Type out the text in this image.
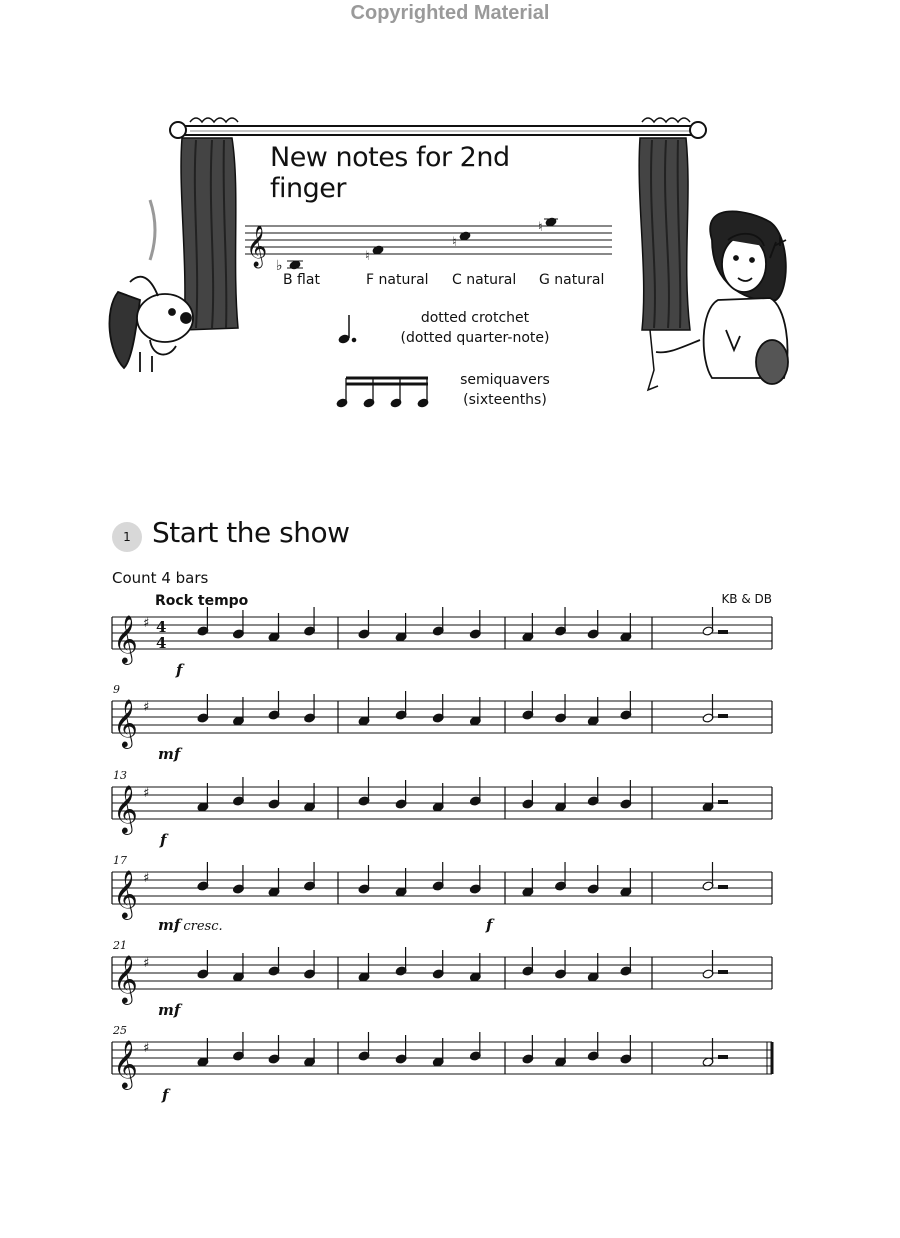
Copyrighted Material
𝄞 ♭
♮
♮
♮
𝄞 ♯ 4
4
𝄞 ♯
𝄞 ♯
𝄞 ♯
𝄞 ♯
𝄞 ♯
New notes for 2nd finger
B flat	F natural C natural G natural
dotted crotchet
(dotted quarter-note)
semiquavers
(sixteenths)
1 Start the show
Count 4 bars
Rock tempo	KB & DB
f
9
mf
13
f
17
mf cresc.	f
21
mf
25
f
